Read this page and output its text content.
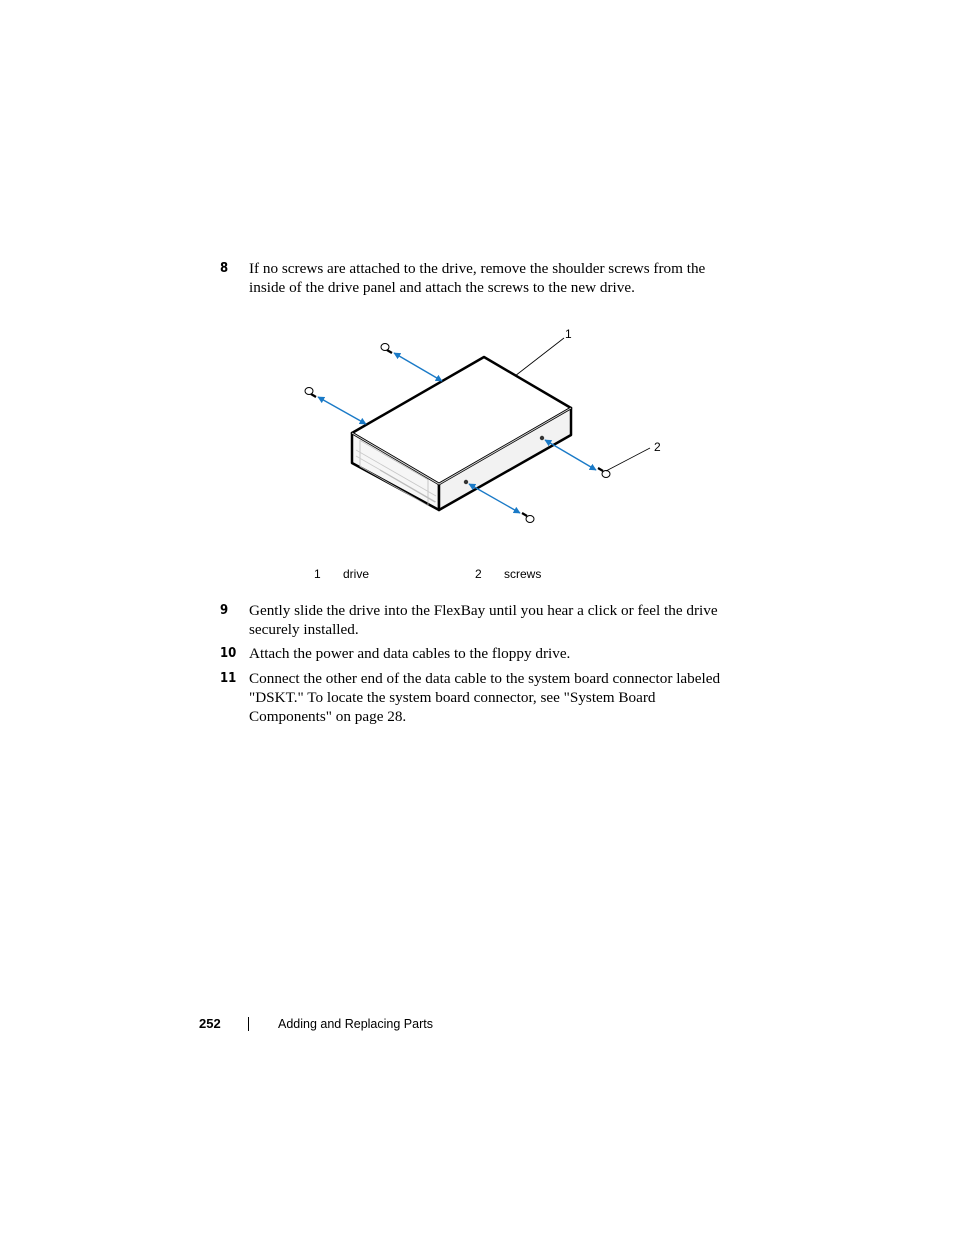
8	If no screws are attached to the drive, remove the shoulder screws from the inside of the drive panel and attach the screws to the new drive.
1
2
1 drive	2 screws
9	Gently slide the drive into the FlexBay until you hear a click or feel the drive securely installed.
10 Attach the power and data cables to the floppy drive.
11 Connect the other end of the data cable to the system board connector labeled "DSKT." To locate the system board connector, see "System Board Components" on page 28.
252	Adding and Replacing Parts
